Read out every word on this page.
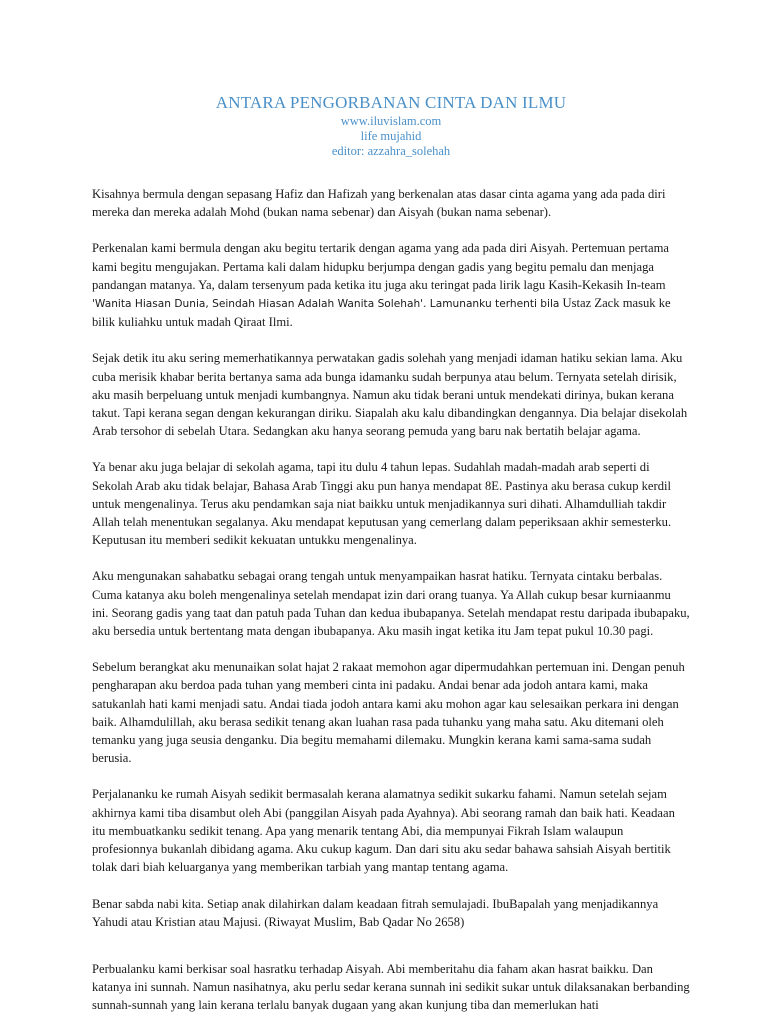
ANTARA PENGORBANAN CINTA DAN ILMU

www.iluvislam.com

life mujahid

editor: azzahra_solehah

Kisahnya bermula dengan sepasang Hafiz dan Hafizah yang berkenalan atas dasar cinta agama yang ada pada diri mereka dan mereka adalah Mohd (bukan nama sebenar) dan Aisyah (bukan nama sebenar).

Perkenalan kami bermula dengan aku begitu tertarik dengan agama yang ada pada diri Aisyah. Pertemuan pertama kami begitu mengujakan. Pertama kali dalam hidupku berjumpa dengan gadis yang begitu pemalu dan menjaga pandangan matanya. Ya, dalam tersenyum pada ketika itu juga aku teringat pada lirik lagu Kasih-Kekasih In-team 'Wanita Hiasan Dunia, Seindah Hiasan Adalah Wanita Solehah'. Lamunanku terhenti bila Ustaz Zack masuk ke bilik kuliahku untuk madah Qiraat Ilmi.

Sejak detik itu aku sering memerhatikannya perwatakan gadis solehah yang menjadi idaman hatiku sekian lama. Aku cuba merisik khabar berita bertanya sama ada bunga idamanku sudah berpunya atau belum. Ternyata setelah dirisik, aku masih berpeluang untuk menjadi kumbangnya. Namun aku tidak berani untuk mendekati dirinya, bukan kerana takut. Tapi kerana segan dengan kekurangan diriku. Siapalah aku kalu dibandingkan dengannya. Dia belajar disekolah Arab tersohor di sebelah Utara. Sedangkan aku hanya seorang pemuda yang baru nak bertatih belajar agama.

Ya benar aku juga belajar di sekolah agama, tapi itu dulu 4 tahun lepas. Sudahlah madah-madah arab seperti di Sekolah Arab aku tidak belajar, Bahasa Arab Tinggi aku pun hanya mendapat 8E. Pastinya aku berasa cukup kerdil untuk mengenalinya. Terus aku pendamkan saja niat baikku untuk menjadikannya suri dihati. Alhamdulliah takdir Allah telah menentukan segalanya. Aku mendapat keputusan yang cemerlang dalam peperiksaan akhir semesterku. Keputusan itu memberi sedikit kekuatan untukku mengenalinya.

Aku mengunakan sahabatku sebagai orang tengah untuk menyampaikan hasrat hatiku. Ternyata cintaku berbalas. Cuma katanya aku boleh mengenalinya setelah mendapat izin dari orang tuanya. Ya Allah cukup besar kurniaanmu ini. Seorang gadis yang taat dan patuh pada Tuhan dan kedua ibubapanya. Setelah mendapat restu daripada ibubapaku, aku bersedia untuk bertentang mata dengan ibubapanya. Aku masih ingat ketika itu Jam tepat pukul 10.30 pagi.

Sebelum berangkat aku menunaikan solat hajat 2 rakaat memohon agar dipermudahkan pertemuan ini. Dengan penuh pengharapan aku berdoa pada tuhan yang memberi cinta ini padaku. Andai benar ada jodoh antara kami, maka satukanlah hati kami menjadi satu. Andai tiada jodoh antara kami aku mohon agar kau selesaikan perkara ini dengan baik. Alhamdulillah, aku berasa sedikit tenang akan luahan rasa pada tuhanku yang maha satu. Aku ditemani oleh temanku yang juga seusia denganku. Dia begitu memahami dilemaku. Mungkin kerana kami sama-sama sudah berusia.

Perjalananku ke rumah Aisyah sedikit bermasalah kerana alamatnya sedikit sukarku fahami. Namun setelah sejam akhirnya kami tiba disambut oleh Abi (panggilan Aisyah pada Ayahnya). Abi seorang ramah dan baik hati. Keadaan itu membuatkanku sedikit tenang. Apa yang menarik tentang Abi, dia mempunyai Fikrah Islam walaupun profesionnya bukanlah dibidang agama. Aku cukup kagum. Dan dari situ aku sedar bahawa sahsiah Aisyah bertitik tolak dari biah keluarganya yang memberikan tarbiah yang mantap tentang agama.

Benar sabda nabi kita. Setiap anak dilahirkan dalam keadaan fitrah semulajadi. IbuBapalah yang menjadikannya Yahudi atau Kristian atau Majusi. (Riwayat Muslim, Bab Qadar No 2658)

Perbualanku kami berkisar soal hasratku terhadap Aisyah. Abi memberitahu dia faham akan hasrat baikku. Dan katanya ini sunnah. Namun nasihatnya, aku perlu sedar kerana sunnah ini sedikit sukar untuk dilaksanakan berbanding sunnah-sunnah yang lain kerana terlalu banyak dugaan yang akan kunjung tiba dan memerlukan hati
